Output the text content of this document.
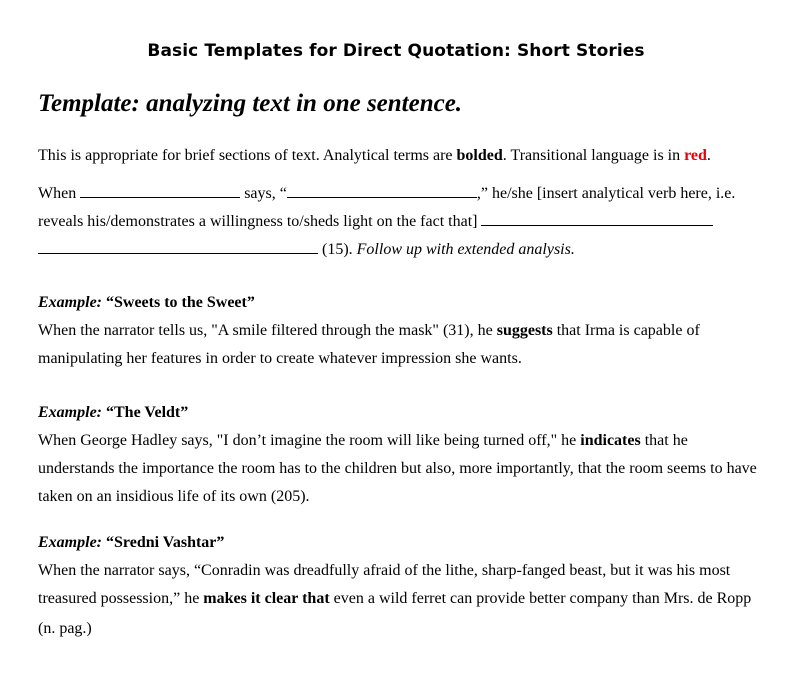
Basic Templates for Direct Quotation: Short Stories
Template: analyzing text in one sentence.
This is appropriate for brief sections of text. Analytical terms are bolded. Transitional language is in red.
When	says, “	,” he/she [insert analytical verb here, i.e.
reveals his/demonstrates a willingness to/sheds light on the fact that]
(15). Follow up with extended analysis.
Example: “Sweets to the Sweet”
When the narrator tells us, "A smile filtered through the mask" (31), he suggests that Irma is capable of
manipulating her features in order to create whatever impression she wants.
Example: “The Veldt”
When George Hadley says, "I don’t imagine the room will like being turned off," he indicates that he
understands the importance the room has to the children but also, more importantly, that the room seems to have
taken on an insidious life of its own (205).
Example: “Sredni Vashtar”
When the narrator says, “Conradin was dreadfully afraid of the lithe, sharp-fanged beast, but it was his most
treasured possession,” he makes it clear that even a wild ferret can provide better company than Mrs. de Ropp
(n. pag.)
